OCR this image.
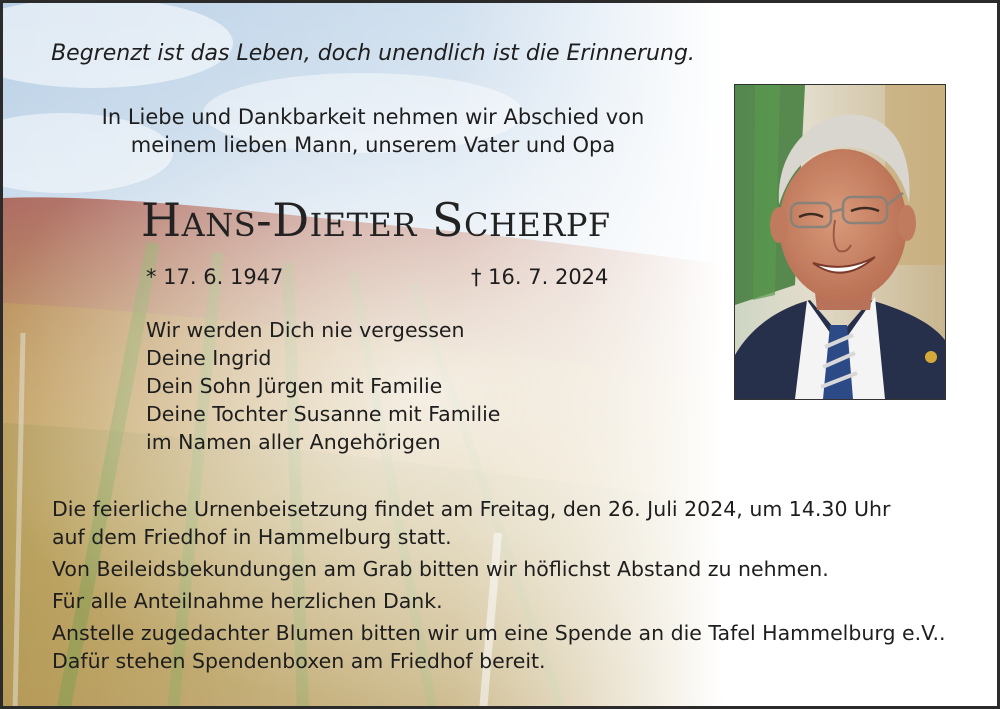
Begrenzt ist das Leben, doch unendlich ist die Erinnerung.

In Liebe und Dankbarkeit nehmen wir Abschied von
meinem lieben Mann, unserem Vater und Opa

Hans-Dieter Scherpf

* 17. 6. 1947	† 16. 7. 2024

Wir werden Dich nie vergessen
Deine Ingrid
Dein Sohn Jürgen mit Familie
Deine Tochter Susanne mit Familie
im Namen aller Angehörigen
Die feierliche Urnenbeisetzung findet am Freitag, den 26. Juli 2024, um 14.30 Uhr
auf dem Friedhof in Hammelburg statt.
Von Beileidsbekundungen am Grab bitten wir höflichst Abstand zu nehmen.
Für alle Anteilnahme herzlichen Dank.
Anstelle zugedachter Blumen bitten wir um eine Spende an die Tafel Hammelburg e.V..
Dafür stehen Spendenboxen am Friedhof bereit.
